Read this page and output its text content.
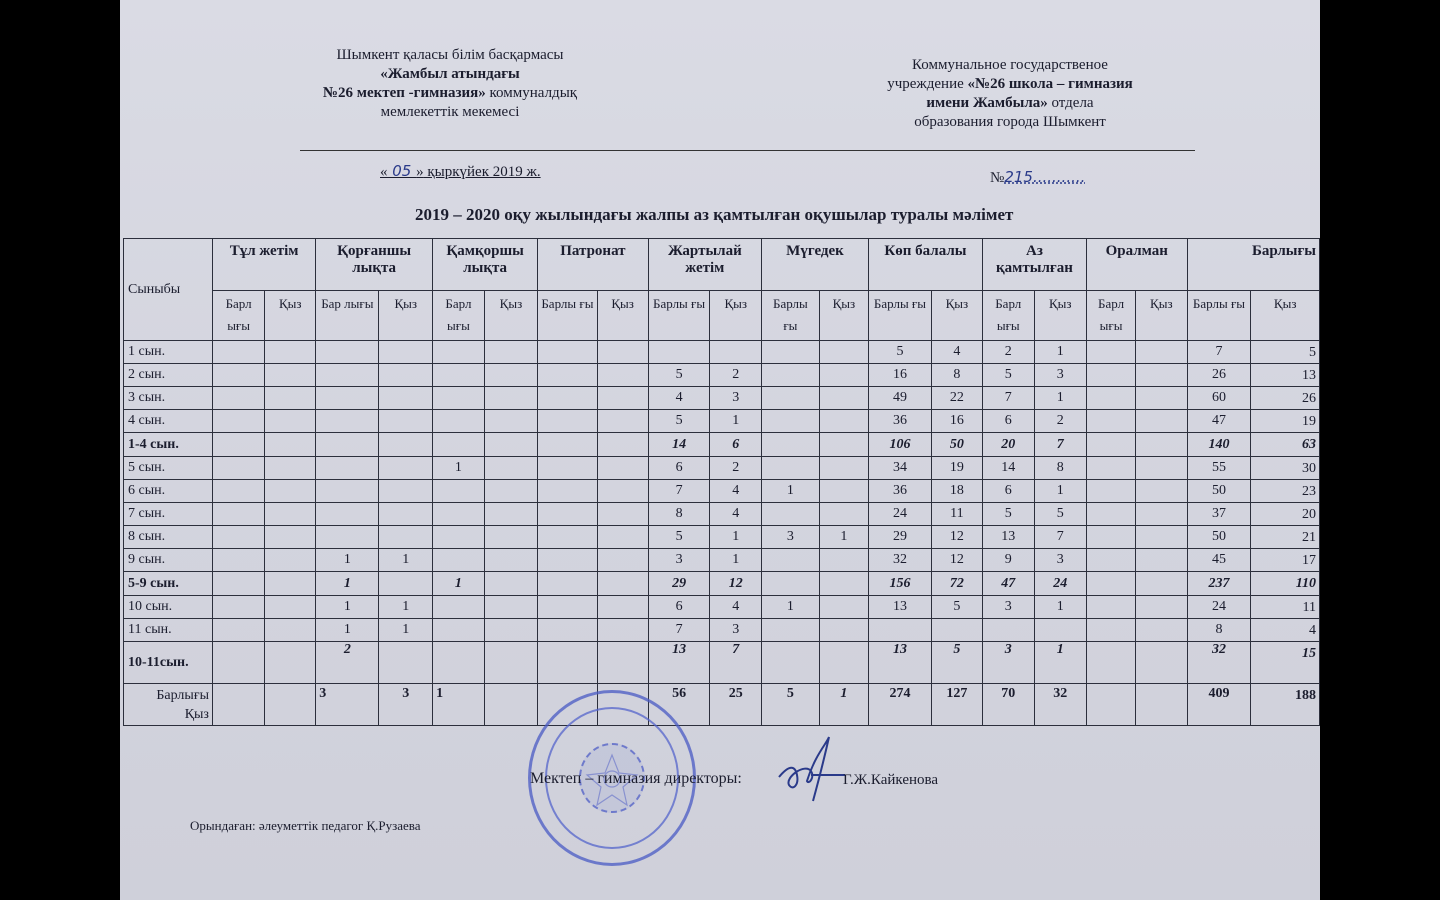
Шымкент қаласы білім басқармасы
«Жамбыл атындағы
№26 мектеп -гимназия» коммуналдық
мемлекеттік мекемесі
Коммунальное государственое
учреждение «№26 школа – гимназия
имени Жамбыла» отдела
образования города Шымкент
« 05 » қыркүйек 2019 ж.	№215...........
2019 – 2020 оқу жылындағы жалпы аз қамтылған оқушылар туралы мәлімет
Сыныбы	Тұл жетім		Қорғаншы лықта		Қамқоршы лықта		Патронат		Жартылай жетім		Мүгедек		Көп балалы		Аз қамтылған		Оралман		Барлығы	
	Барл ығы	Қыз	Бар лығы	Қыз	Барл ығы	Қыз	Барлы ғы	Қыз	Барлы ғы	Қыз	Барлы ғы	Қыз	Барлы ғы	Қыз	Барл ығы	Қыз	Барл ығы	Қыз	Барлы ғы	Қыз
1 сын.													5	4	2	1			7	5
2 сын.									5	2			16	8	5	3			26	13
3 сын.									4	3			49	22	7	1			60	26
4 сын.									5	1			36	16	6	2			47	19
1-4 сын.									14	6			106	50	20	7			140	63
5 сын.					1				6	2			34	19	14	8			55	30
6 сын.									7	4	1		36	18	6	1			50	23
7 сын.									8	4			24	11	5	5			37	20
8 сын.									5	1	3	1	29	12	13	7			50	21
9 сын.			1	1					3	1			32	12	9	3			45	17
5-9 сын.			1		1				29	12			156	72	47	24			237	110
10 сын.			1	1					6	4	1		13	5	3	1			24	11
11 сын.			1	1					7	3									8	4
10-11сын.			2						13	7			13	5	3	1			32	15

Барлығы
Қыз			3	3	1				56	25	5	1	274	127	70	32			409	188
Мектеп – гимназия директоры:	Г.Ж.Кайкенова
Орындаған: әлеуметтік педагог Қ.Рузаева
